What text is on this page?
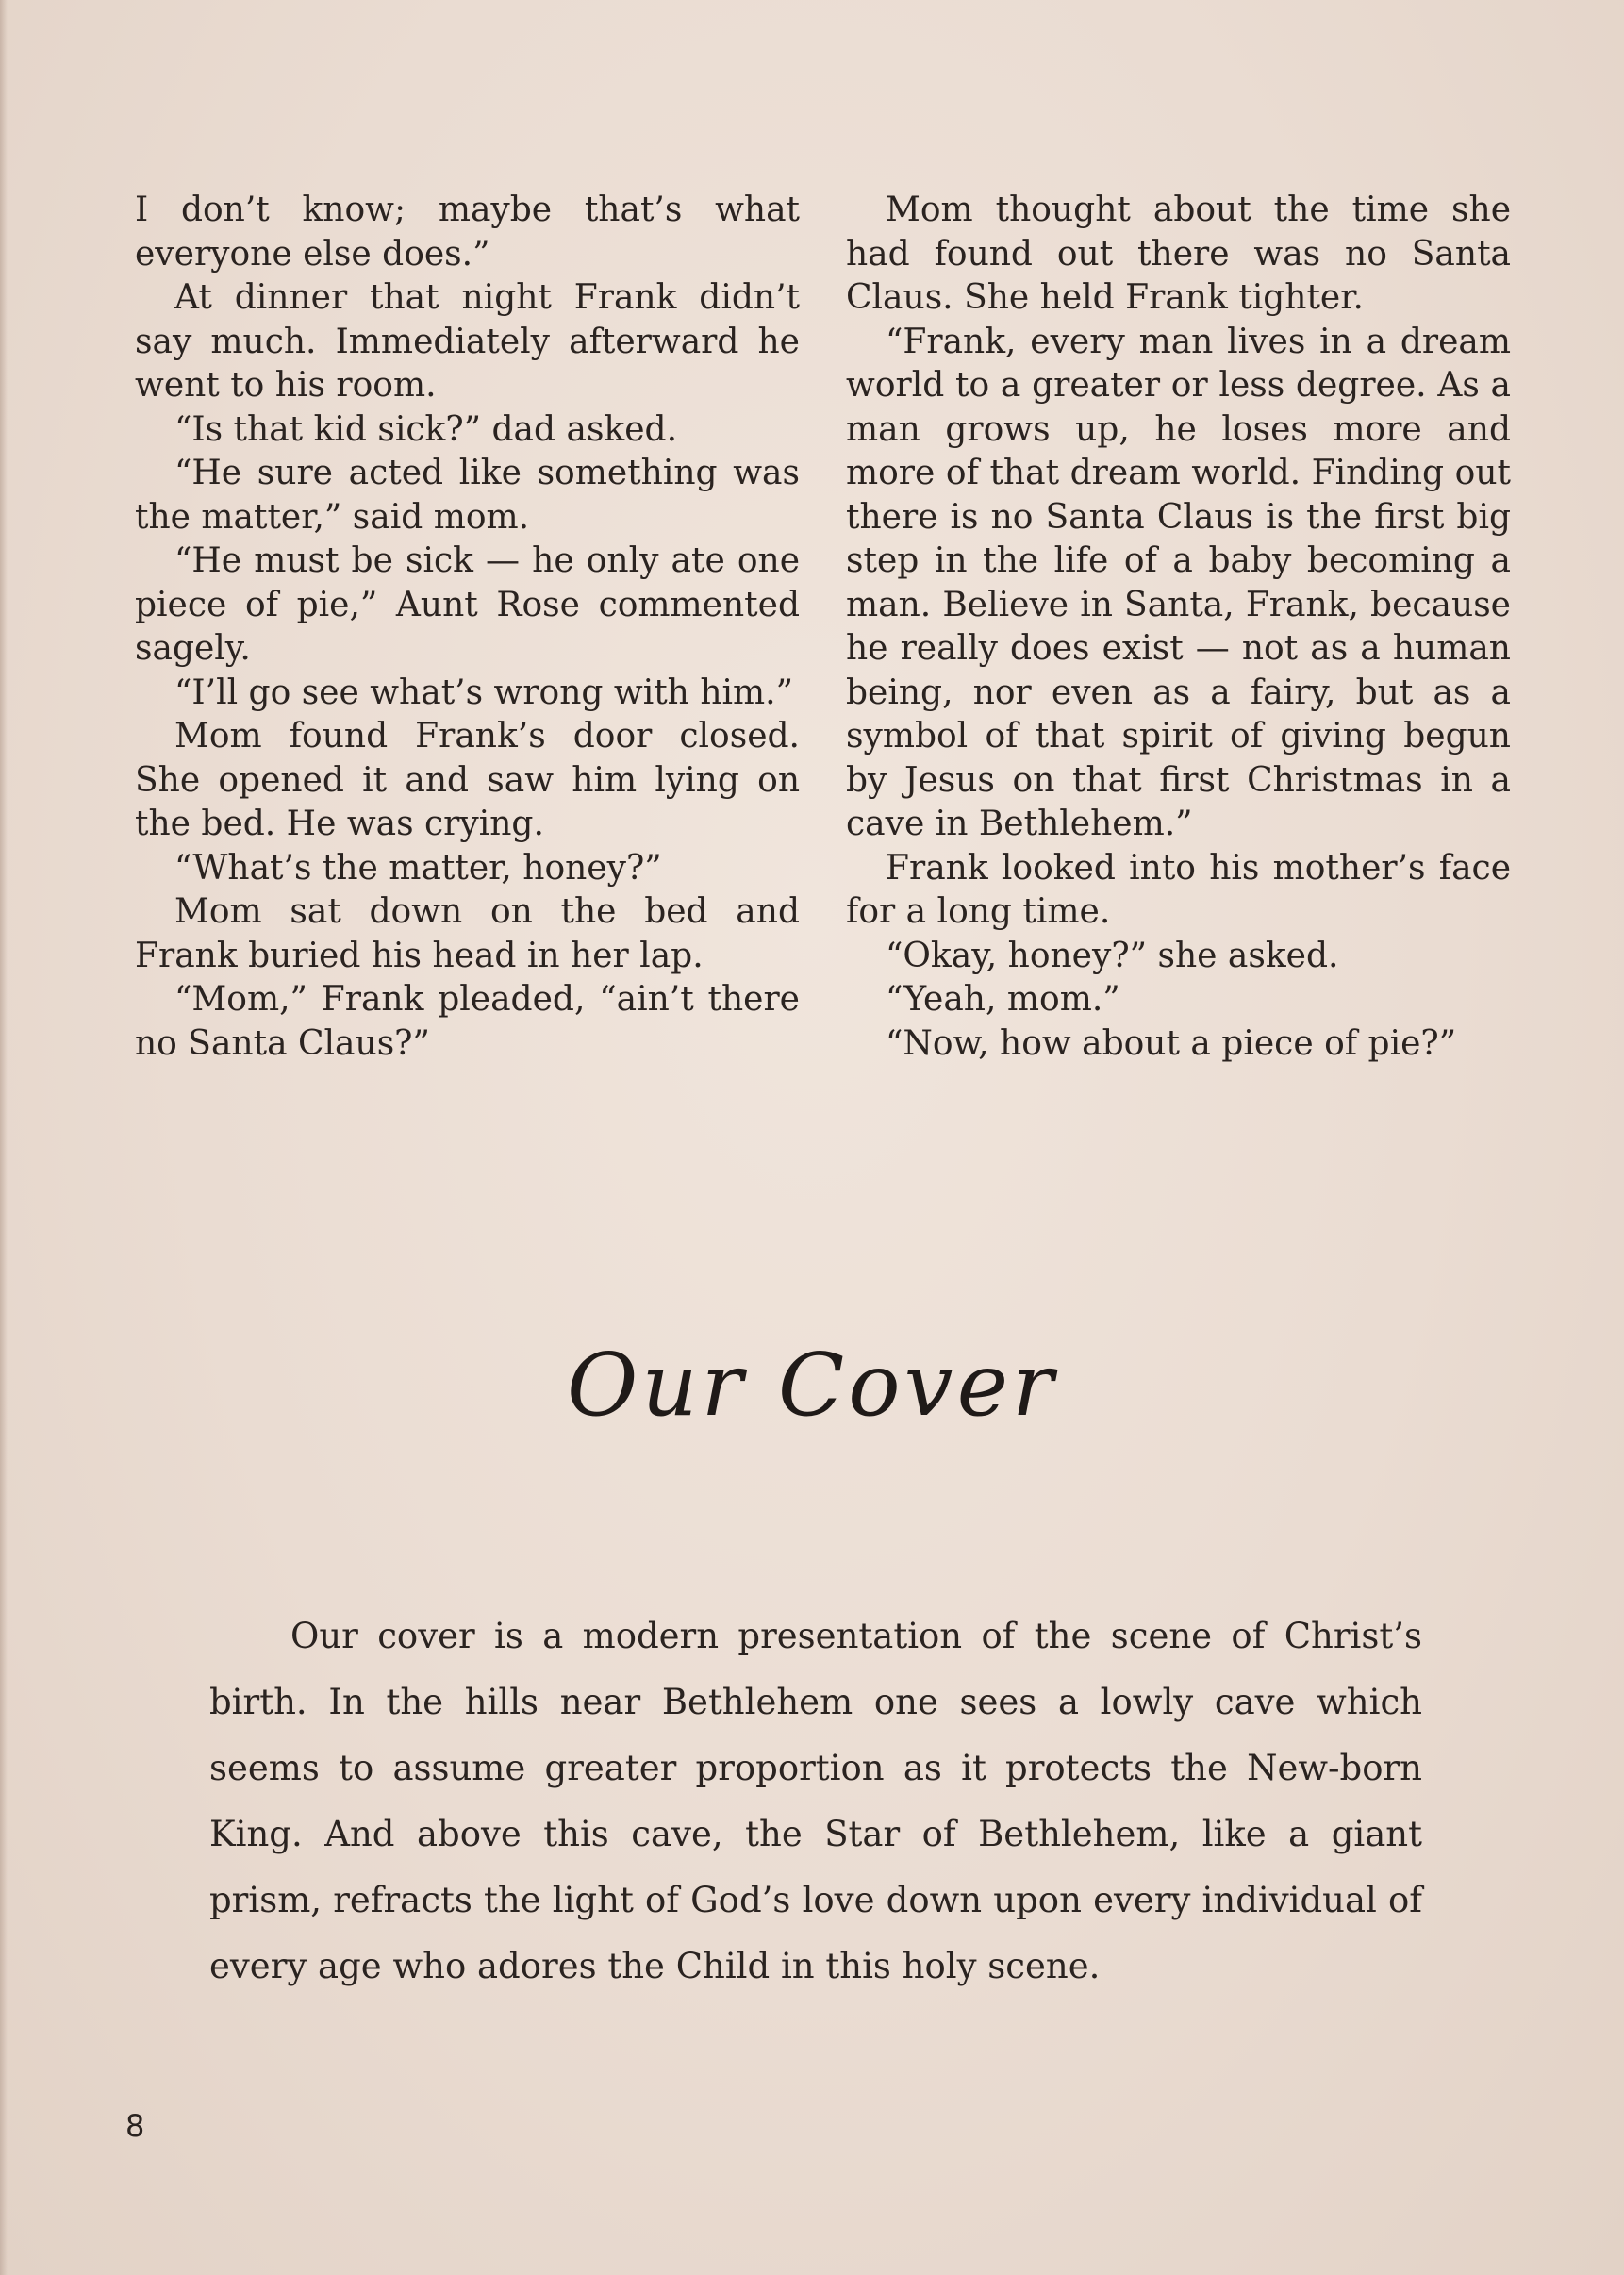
I don’t know; maybe that’s what everyone else does.”

At dinner that night Frank didn’t say much. Immediately afterward he went to his room.

“Is that kid sick?” dad asked.

“He sure acted like something was the matter,” said mom.

“He must be sick — he only ate one piece of pie,” Aunt Rose commented sagely.

“I’ll go see what’s wrong with him.”

Mom found Frank’s door closed. She opened it and saw him lying on the bed. He was crying.

“What’s the matter, honey?”

Mom sat down on the bed and Frank buried his head in her lap.

“Mom,” Frank pleaded, “ain’t there no Santa Claus?”

Mom thought about the time she had found out there was no Santa Claus. She held Frank tighter.

“Frank, every man lives in a dream world to a greater or less degree. As a man grows up, he loses more and more of that dream world. Finding out there is no Santa Claus is the first big step in the life of a baby becoming a man. Believe in Santa, Frank, because he really does exist — not as a human being, nor even as a fairy, but as a symbol of that spirit of giving begun by Jesus on that first Christmas in a cave in Bethlehem.”

Frank looked into his mother’s face for a long time.

“Okay, honey?” she asked.

“Yeah, mom.”

“Now, how about a piece of pie?”

Our Cover

Our cover is a modern presentation of the scene of Christ’s birth. In the hills near Bethlehem one sees a lowly cave which seems to assume greater proportion as it protects the New-born King. And above this cave, the Star of Bethlehem, like a giant prism, refracts the light of God’s love down upon every individual of every age who adores the Child in this holy scene.

8
